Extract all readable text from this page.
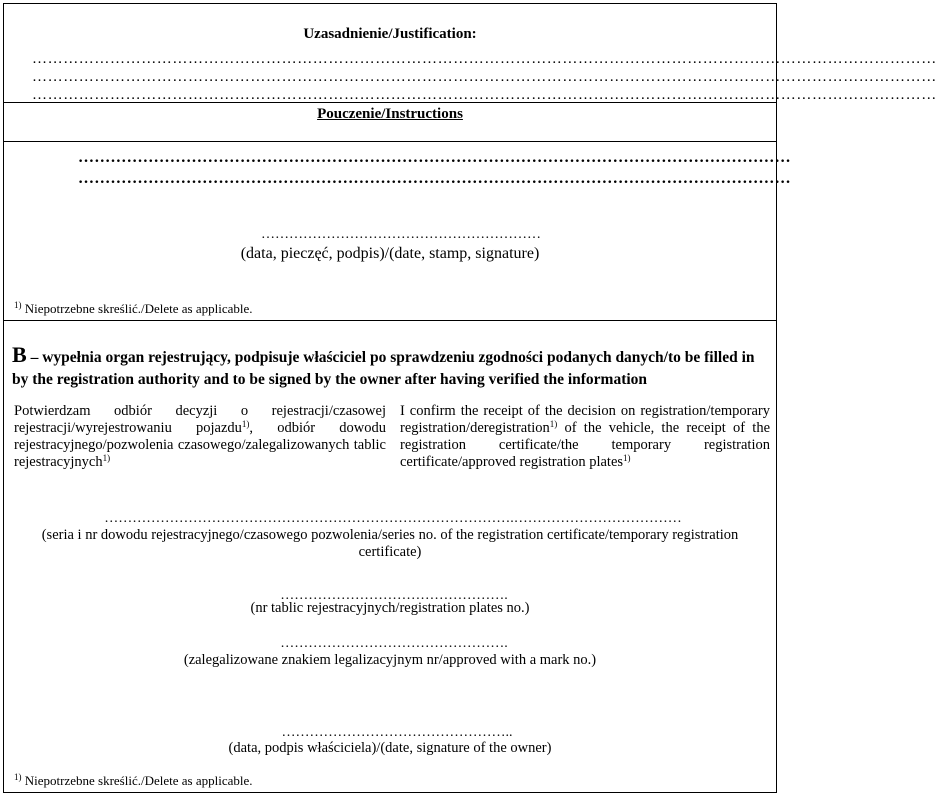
Uzasadnienie/Justification:
…………………………………………………………………………………………………………………………………………………………
…………………………………………………………………………………………………………………………………………………………
…………………………………………………………………………………………………………………………………………………………
Pouczenie/Instructions
……………………………………………………………………………………………………………………
……………………………………………………………………………………………………………………
……………………………………………………
(data, pieczęć, podpis)/(date, stamp, signature)
$^{1)}$ Niepotrzebne skreślić./Delete as applicable.
B – wypełnia organ rejestrujący, podpisuje właściciel po sprawdzeniu zgodności podanych danych/to be filled in by the registration authority and to be signed by the owner after having verified the information
Potwierdzam odbiór decyzji o rejestracji/czasowej rejestracji/wyrejestrowaniu pojazdu$^{1)}$, odbiór dowodu rejestracyjnego/pozwolenia czasowego/zalegalizowanych tablic rejestracyjnych$^{1)}$
I confirm the receipt of the decision on registration/temporary registration/deregistration$^{1)}$ of the vehicle, the receipt of the registration certificate/the temporary registration certificate/approved registration plates$^{1)}$
…………………………………………………………………………….………………………………
(seria i nr dowodu rejestracyjnego/czasowego pozwolenia/series no. of the registration certificate/temporary registration certificate)
………………………………………….
(nr tablic rejestracyjnych/registration plates no.)
………………………………………….
(zalegalizowane znakiem legalizacyjnym nr/approved with a mark no.)
…………………………………………..
(data, podpis właściciela)/(date, signature of the owner)
$^{1)}$ Niepotrzebne skreślić./Delete as applicable.
